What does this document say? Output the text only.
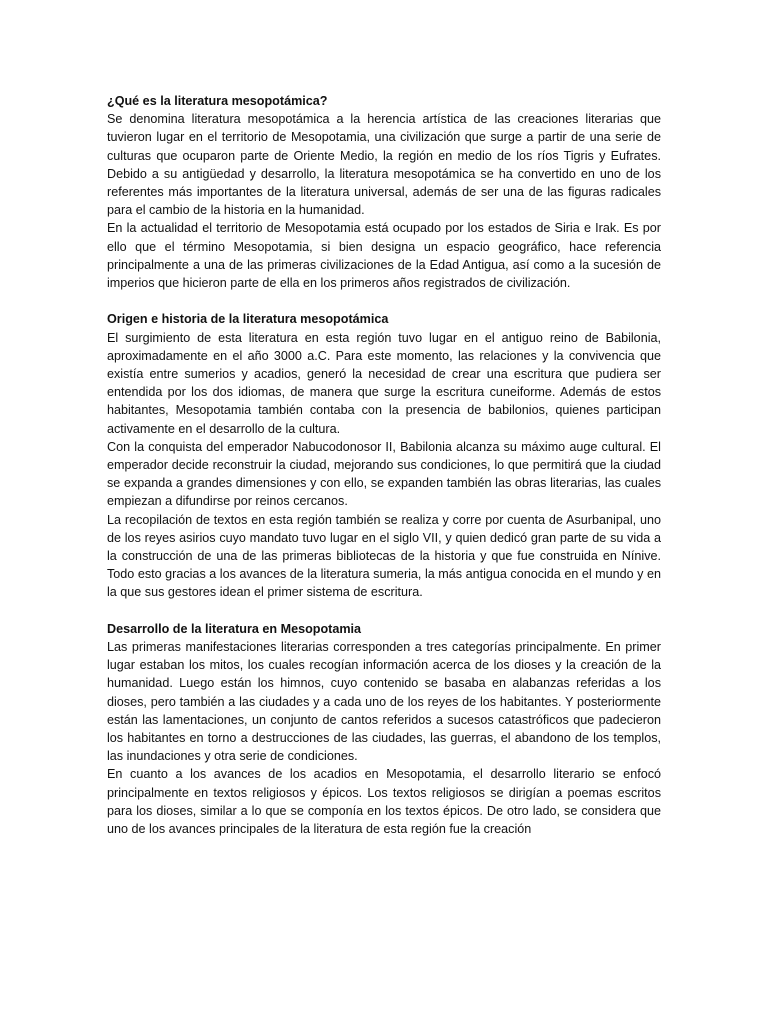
¿Qué es la literatura mesopotámica?

Se denomina literatura mesopotámica a la herencia artística de las creaciones literarias que tuvieron lugar en el territorio de Mesopotamia, una civilización que surge a partir de una serie de culturas que ocuparon parte de Oriente Medio, la región en medio de los ríos Tigris y Eufrates. Debido a su antigüedad y desarrollo, la literatura mesopotámica se ha convertido en uno de los referentes más importantes de la literatura universal, además de ser una de las figuras radicales para el cambio de la historia en la humanidad.

En la actualidad el territorio de Mesopotamia está ocupado por los estados de Siria e Irak. Es por ello que el término Mesopotamia, si bien designa un espacio geográfico, hace referencia principalmente a una de las primeras civilizaciones de la Edad Antigua, así como a la sucesión de imperios que hicieron parte de ella en los primeros años registrados de civilización.

Origen e historia de la literatura mesopotámica

El surgimiento de esta literatura en esta región tuvo lugar en el antiguo reino de Babilonia, aproximadamente en el año 3000 a.C. Para este momento, las relaciones y la convivencia que existía entre sumerios y acadios, generó la necesidad de crear una escritura que pudiera ser entendida por los dos idiomas, de manera que surge la escritura cuneiforme. Además de estos habitantes, Mesopotamia también contaba con la presencia de babilonios, quienes participan activamente en el desarrollo de la cultura.

Con la conquista del emperador Nabucodonosor II, Babilonia alcanza su máximo auge cultural. El emperador decide reconstruir la ciudad, mejorando sus condiciones, lo que permitirá que la ciudad se expanda a grandes dimensiones y con ello, se expanden también las obras literarias, las cuales empiezan a difundirse por reinos cercanos.

La recopilación de textos en esta región también se realiza y corre por cuenta de Asurbanipal, uno de los reyes asirios cuyo mandato tuvo lugar en el siglo VII, y quien dedicó gran parte de su vida a la construcción de una de las primeras bibliotecas de la historia y que fue construida en Nínive. Todo esto gracias a los avances de la literatura sumeria, la más antigua conocida en el mundo y en la que sus gestores idean el primer sistema de escritura.

Desarrollo de la literatura en Mesopotamia

Las primeras manifestaciones literarias corresponden a tres categorías principalmente. En primer lugar estaban los mitos, los cuales recogían información acerca de los dioses y la creación de la humanidad. Luego están los himnos, cuyo contenido se basaba en alabanzas referidas a los dioses, pero también a las ciudades y a cada uno de los reyes de los habitantes. Y posteriormente están las lamentaciones, un conjunto de cantos referidos a sucesos catastróficos que padecieron los habitantes en torno a destrucciones de las ciudades, las guerras, el abandono de los templos, las inundaciones y otra serie de condiciones.

En cuanto a los avances de los acadios en Mesopotamia, el desarrollo literario se enfocó principalmente en textos religiosos y épicos. Los textos religiosos se dirigían a poemas escritos para los dioses, similar a lo que se componía en los textos épicos. De otro lado, se considera que uno de los avances principales de la literatura de esta región fue la creación
